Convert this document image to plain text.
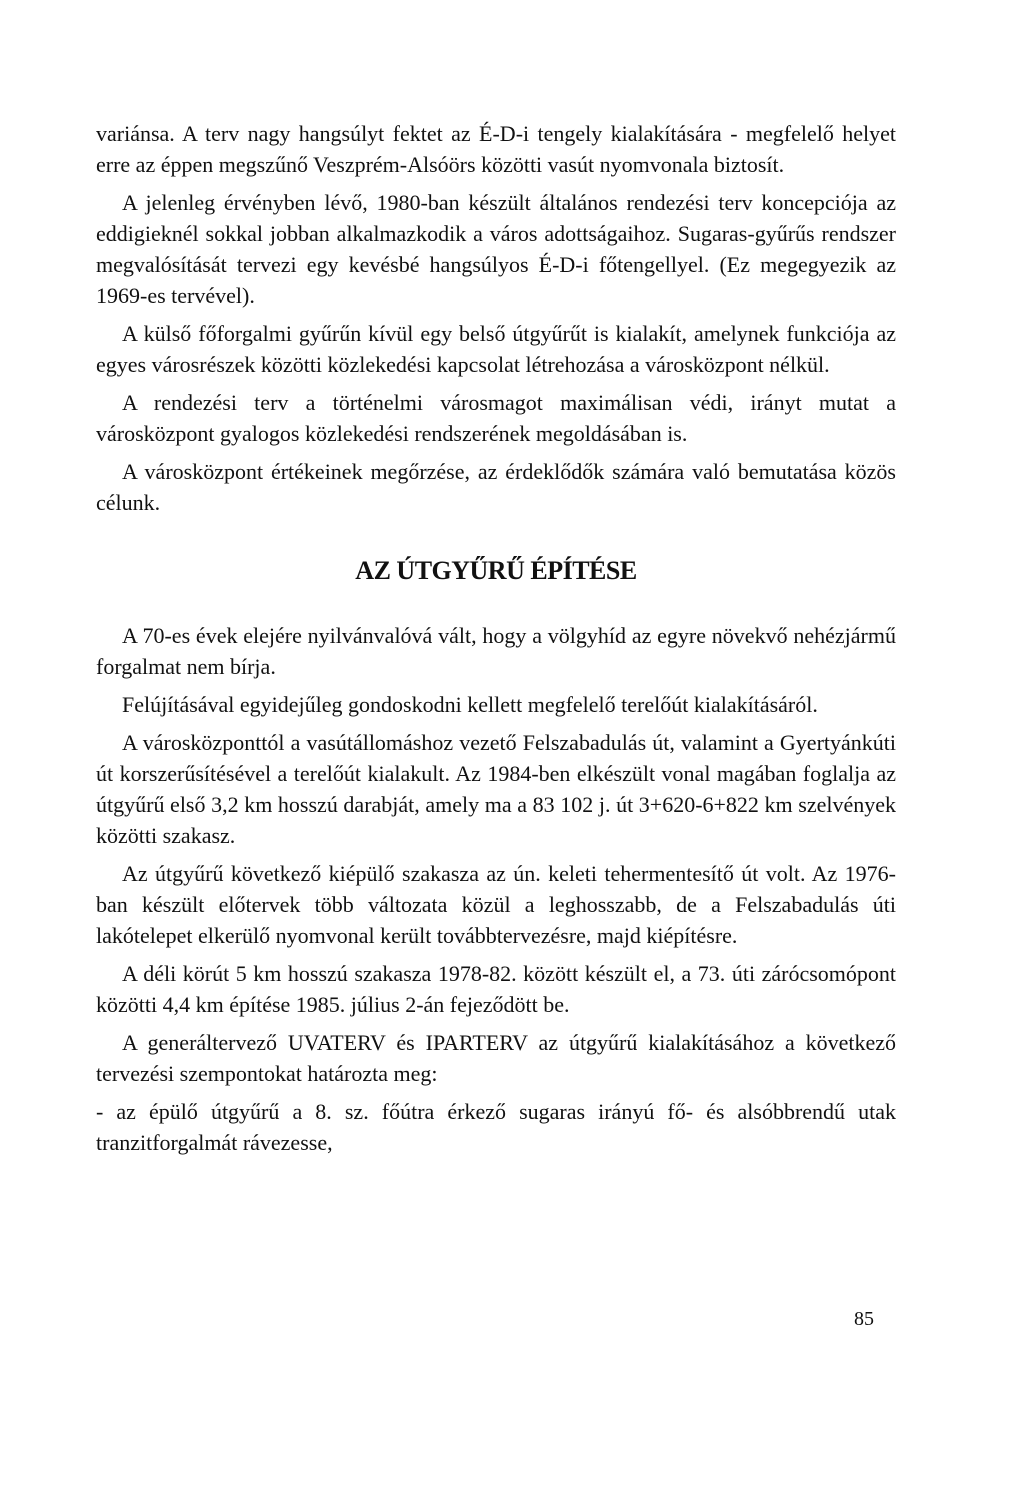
variánsa. A terv nagy hangsúlyt fektet az É-D-i tengely kialakítására - megfelelő helyet erre az éppen megszűnő Veszprém-Alsóörs közötti vasút nyomvonala biztosít.

A jelenleg érvényben lévő, 1980-ban készült általános rendezési terv koncepciója az eddigieknél sokkal jobban alkalmazkodik a város adottságaihoz. Sugaras-gyűrűs rendszer megvalósítását tervezi egy kevésbé hangsúlyos É-D-i főtengellyel. (Ez megegyezik az 1969-es tervével).

A külső főforgalmi gyűrűn kívül egy belső útgyűrűt is kialakít, amelynek funkciója az egyes városrészek közötti közlekedési kapcsolat létrehozása a városközpont nélkül.

A rendezési terv a történelmi városmagot maximálisan védi, irányt mutat a városközpont gyalogos közlekedési rendszerének megoldásában is.

A városközpont értékeinek megőrzése, az érdeklődők számára való bemutatása közös célunk.

AZ ÚTGYŰRŰ ÉPÍTÉSE

A 70-es évek elejére nyilvánvalóvá vált, hogy a völgyhíd az egyre növekvő nehézjármű forgalmat nem bírja.

Felújításával egyidejűleg gondoskodni kellett megfelelő terelőút kialakításáról.

A városközponttól a vasútállomáshoz vezető Felszabadulás út, valamint a Gyertyánkúti út korszerűsítésével a terelőút kialakult. Az 1984-ben elkészült vonal magában foglalja az útgyűrű első 3,2 km hosszú darabját, amely ma a 83 102 j. út 3+620-6+822 km szelvények közötti szakasz.

Az útgyűrű következő kiépülő szakasza az ún. keleti tehermentesítő út volt. Az 1976-ban készült előtervek több változata közül a leghosszabb, de a Felszabadulás úti lakótelepet elkerülő nyomvonal került továbbtervezésre, majd kiépítésre.

A déli körút 5 km hosszú szakasza 1978-82. között készült el, a 73. úti zárócsomópont közötti 4,4 km építése 1985. július 2-án fejeződött be.

A generáltervező UVATERV és IPARTERV az útgyűrű kialakításához a következő tervezési szempontokat határozta meg:

- az épülő útgyűrű a 8. sz. főútra érkező sugaras irányú fő- és alsóbbrendű utak tranzitforgalmát rávezesse,

85
